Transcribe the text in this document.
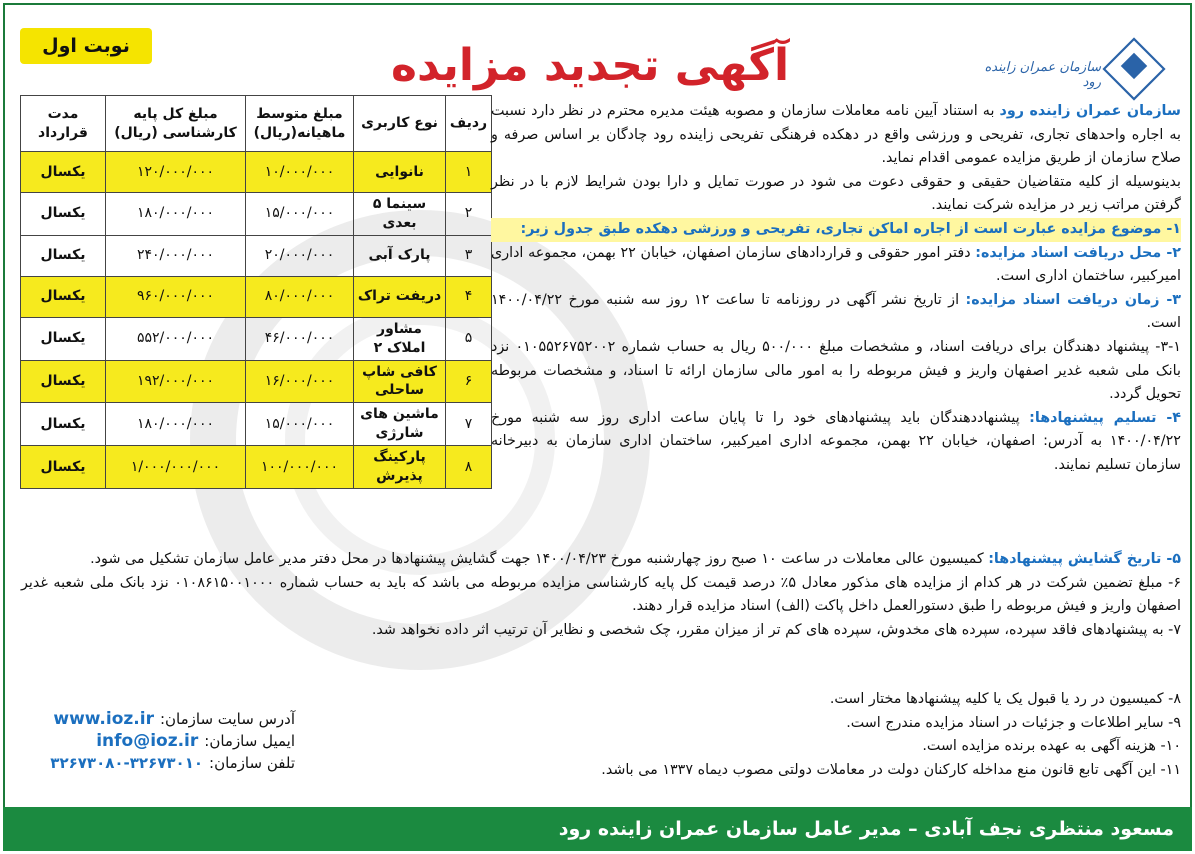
نوبت اول	آگهی تجدید مزایده	سازمان عمران زاینده رود
ردیف	نوع کاربری	مبلغ متوسط ماهیانه(ریال)	مبلغ کل پایه کارشناسی (ریال)	مدت قرارداد
۱	نانوایی	۱۰/۰۰۰/۰۰۰	۱۲۰/۰۰۰/۰۰۰	یکسال
۲	سینما ۵ بعدی	۱۵/۰۰۰/۰۰۰	۱۸۰/۰۰۰/۰۰۰	یکسال
۳	پارک آبی	۲۰/۰۰۰/۰۰۰	۲۴۰/۰۰۰/۰۰۰	یکسال
۴	دریفت تراک	۸۰/۰۰۰/۰۰۰	۹۶۰/۰۰۰/۰۰۰	یکسال
۵	مشاور املاک ۲	۴۶/۰۰۰/۰۰۰	۵۵۲/۰۰۰/۰۰۰	یکسال
۶	کافی شاپ ساحلی	۱۶/۰۰۰/۰۰۰	۱۹۲/۰۰۰/۰۰۰	یکسال
۷	ماشین های شارژی	۱۵/۰۰۰/۰۰۰	۱۸۰/۰۰۰/۰۰۰	یکسال
۸	پارکینگ پذیرش	۱۰۰/۰۰۰/۰۰۰	۱/۰۰۰/۰۰۰/۰۰۰	یکسال

سازمان عمران زاینده رود به استناد آیین نامه معاملات سازمان و مصوبه هیئت مدیره محترم در نظر دارد نسبت به اجاره واحدهای تجاری، تفریحی و ورزشی واقع در دهکده فرهنگی تفریحی زاینده رود چادگان بر اساس صرفه و صلاح سازمان از طریق مزایده عمومی اقدام نماید.

بدینوسیله از کلیه متقاضیان حقیقی و حقوقی دعوت می شود در صورت تمایل و دارا بودن شرایط لازم با در نظر گرفتن مراتب زیر در مزایده شرکت نمایند.

۱- موضوع مزایده عبارت است از اجاره اماکن تجاری، تفریحی و ورزشی دهکده طبق جدول زیر:

۲- محل دریافت اسناد مزایده: دفتر امور حقوقی و قراردادهای سازمان اصفهان، خیابان ۲۲ بهمن، مجموعه اداری امیرکبیر، ساختمان اداری است.

۳- زمان دریافت اسناد مزایده: از تاریخ نشر آگهی در روزنامه تا ساعت ۱۲ روز سه شنبه مورخ ۱۴۰۰/۰۴/۲۲ است.

۳-۱- پیشنهاد دهندگان برای دریافت اسناد، و مشخصات مبلغ ۵۰۰/۰۰۰ ریال به حساب شماره ۰۱۰۵۵۲۶۷۵۲۰۰۲ نزد بانک ملی شعبه غدیر اصفهان واریز و فیش مربوطه را به امور مالی سازمان ارائه تا اسناد، و مشخصات مربوطه تحویل گردد.

۴- تسلیم پیشنهادها: پیشنهاددهندگان باید پیشنهادهای خود را تا پایان ساعت اداری روز سه شنبه مورخ ۱۴۰۰/۰۴/۲۲ به آدرس: اصفهان، خیابان ۲۲ بهمن، مجموعه اداری امیرکبیر، ساختمان اداری سازمان به دبیرخانه سازمان تسلیم نمایند.

۵- تاریخ گشایش پیشنهادها: کمیسیون عالی معاملات در ساعت ۱۰ صبح روز چهارشنبه مورخ ۱۴۰۰/۰۴/۲۳ جهت گشایش پیشنهادها در محل دفتر مدیر عامل سازمان تشکیل می شود.

۶- مبلغ تضمین شرکت در هر کدام از مزایده های مذکور معادل ۵٪ درصد قیمت کل پایه کارشناسی مزایده مربوطه می باشد که باید به حساب شماره ۰۱۰۸۶۱۵۰۰۱۰۰۰ نزد بانک ملی شعبه غدیر اصفهان واریز و فیش مربوطه را طبق دستورالعمل داخل پاکت (الف) اسناد مزایده قرار دهند.

۷- به پیشنهادهای فاقد سپرده، سپرده های مخدوش، سپرده های کم تر از میزان مقرر، چک شخصی و نظایر آن ترتیب اثر داده نخواهد شد.

۸- کمیسیون در رد یا قبول یک یا کلیه پیشنهادها مختار است.

۹- سایر اطلاعات و جزئیات در اسناد مزایده مندرج است.

۱۰- هزینه آگهی به عهده برنده مزایده است.

۱۱- این آگهی تابع قانون منع مداخله کارکنان دولت در معاملات دولتی مصوب دیماه ۱۳۳۷ می باشد.

آدرس سایت سازمان:
www.ioz.ir
ایمیل سازمان:
info@ioz.ir
تلفن سازمان:
۳۲۶۷۳۰۸۰-۳۲۶۷۳۰۱۰
مسعود منتظری نجف آبادی – مدیر عامل سازمان عمران زاینده رود
